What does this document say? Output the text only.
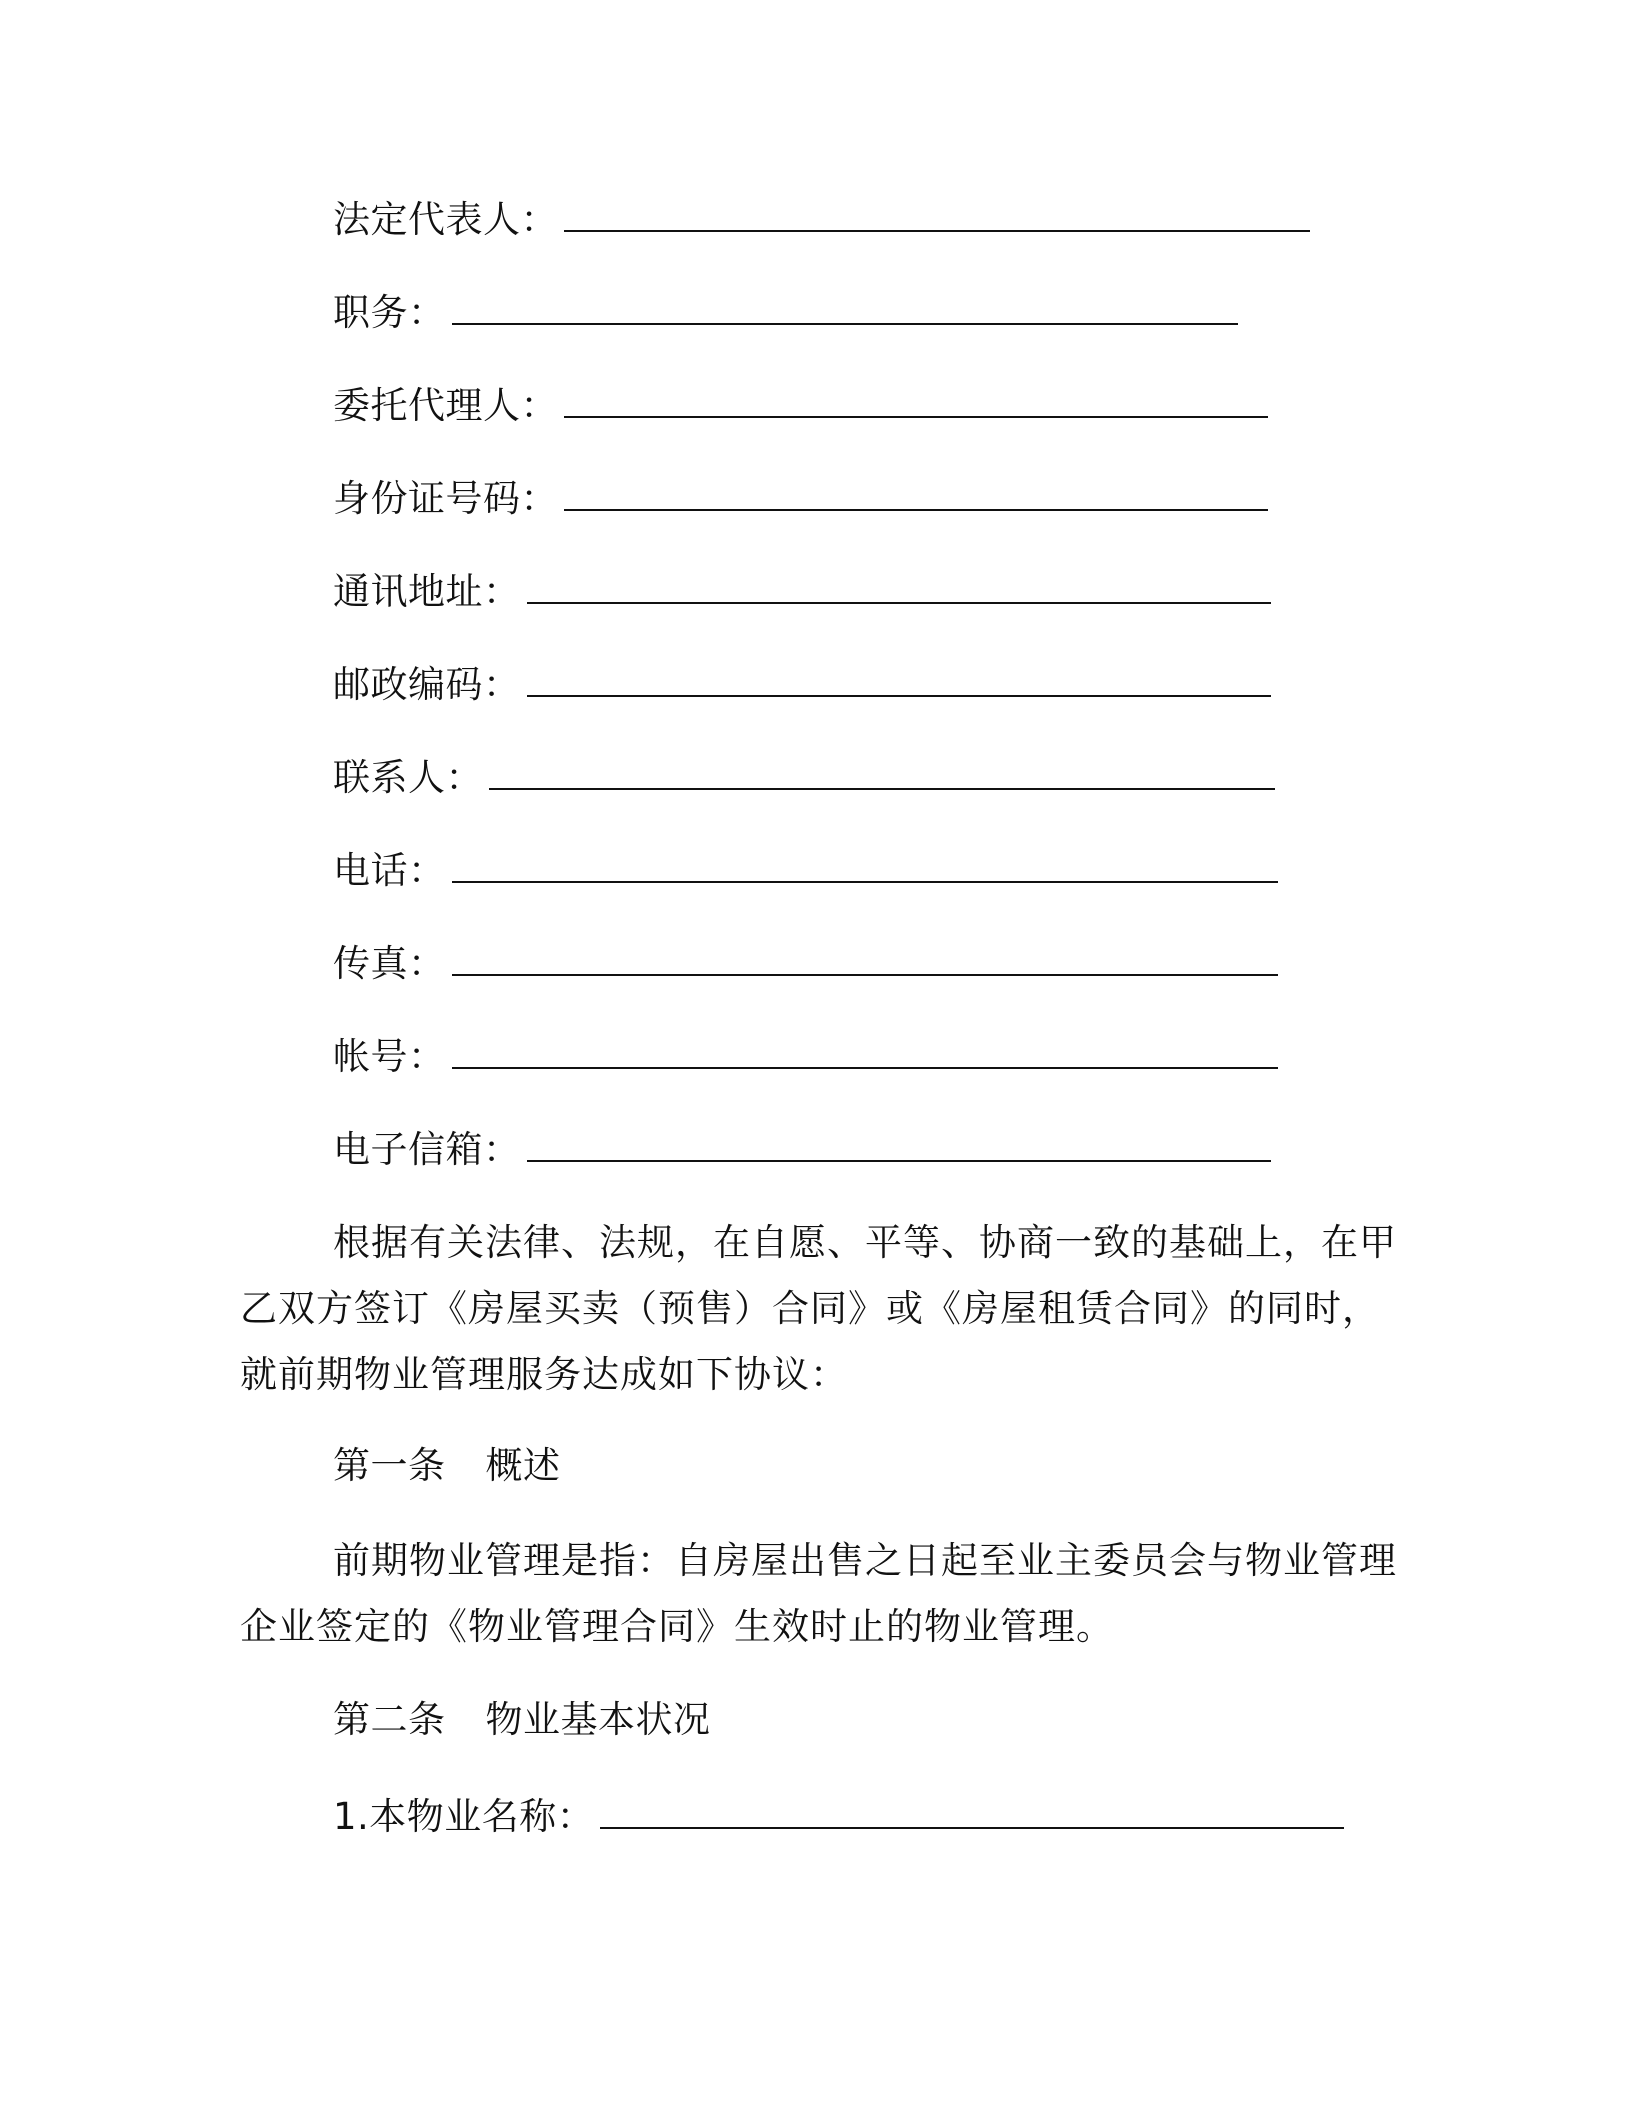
法定代表人：
职务：
委托代理人：
身份证号码：
通讯地址：
邮政编码：
联系人：
电话：
传真：
帐号：
电子信箱：
根据有关法律、法规，在自愿、平等、协商一致的基础上，在甲乙双方签订《房屋买卖（预售）合同》或《房屋租赁合同》的同时，就前期物业管理服务达成如下协议：
第一条 概述
前期物业管理是指：自房屋出售之日起至业主委员会与物业管理企业签定的《物业管理合同》生效时止的物业管理。
第二条 物业基本状况
1.本物业名称：
